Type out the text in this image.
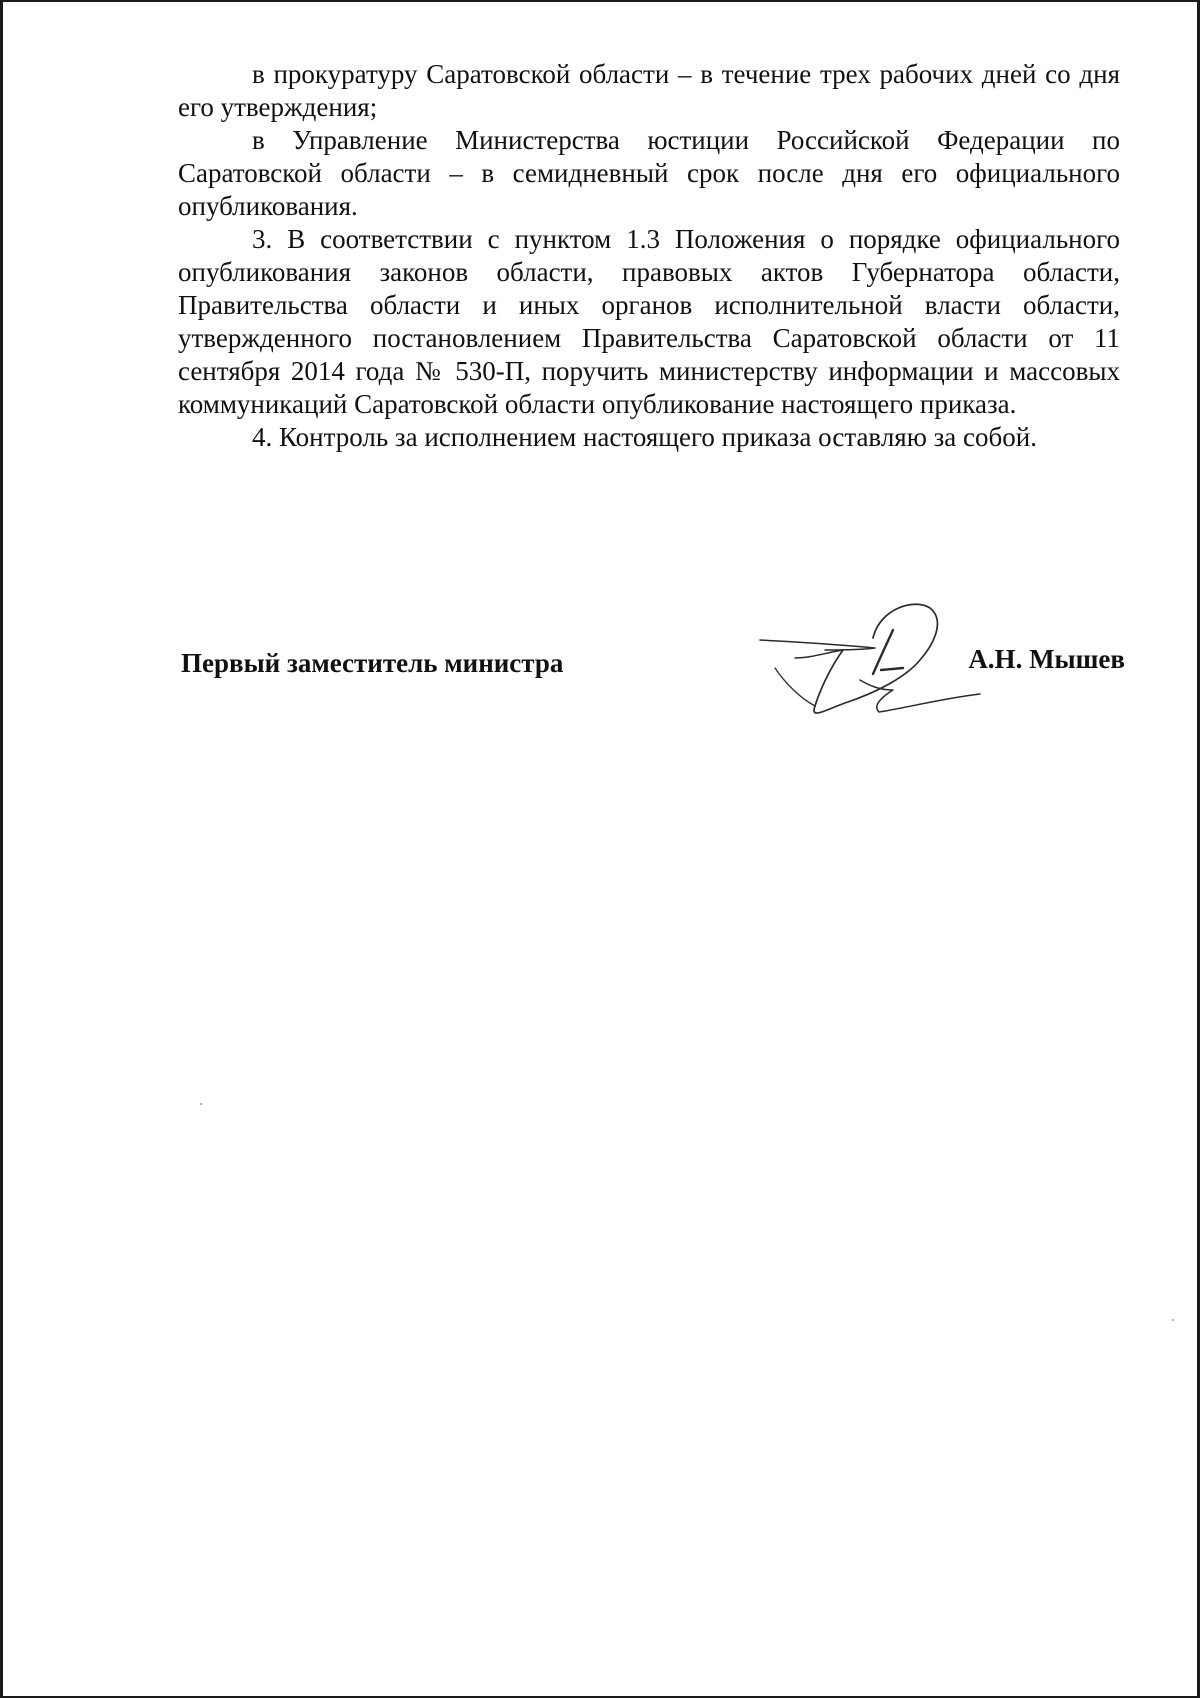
в прокуратуру Саратовской области – в течение трех рабочих дней со дня его утверждения;

в Управление Министерства юстиции Российской Федерации по Саратовской области – в семидневный срок после дня его официального опубликования.

3. В соответствии с пунктом 1.3 Положения о порядке официального опубликования законов области, правовых актов Губернатора области, Правительства области и иных органов исполнительной власти области, утвержденного постановлением Правительства Саратовской области от 11 сентября 2014 года № 530-П, поручить министерству информации и массовых коммуникаций Саратовской области опубликование настоящего приказа.

4. Контроль за исполнением настоящего приказа оставляю за собой.

Первый заместитель министра	А.Н. Мышев
